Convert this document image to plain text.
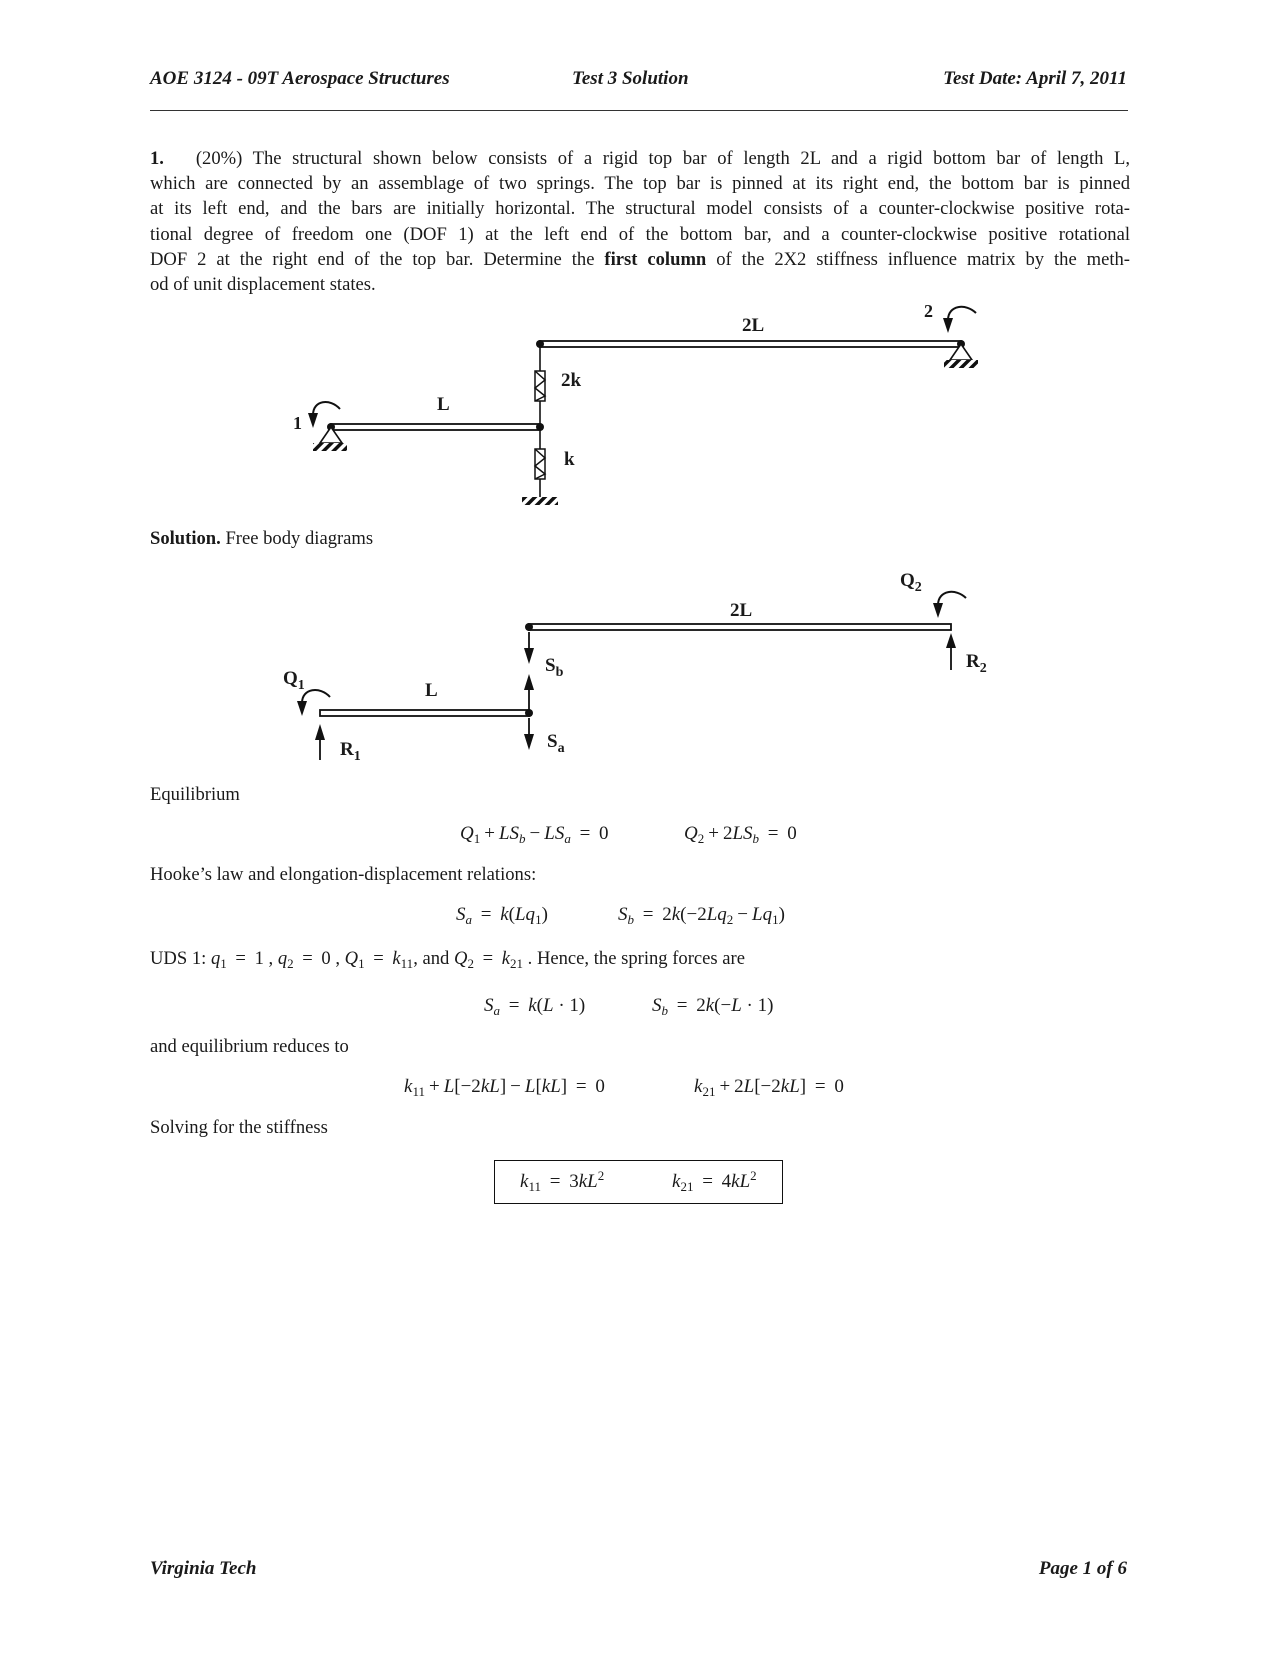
AOE 3124 - 09T Aerospace Structures	Test 3 Solution	Test Date: April 7, 2011
1. (20%) The structural shown below consists of a rigid top bar of length 2L and a rigid bottom bar of length L,
which are connected by an assemblage of two springs. The top bar is pinned at its right end, the bottom bar is pinned
at its left end, and the bars are initially horizontal. The structural model consists of a counter-clockwise positive rota-
tional degree of freedom one (DOF 1) at the left end of the bottom bar, and a counter-clockwise positive rotational
DOF 2 at the right end of the top bar. Determine the first column of the 2X2 stiffness influence matrix by the meth-
od of unit displacement states.
2
2L
2k
L
1
k
Solution. Free body diagrams
2L
$Q_2$
$R_2$
$S_b$
L
$S_a$
$Q_1$
$R_1$
Equilibrium
$Q_1 + LS_b - LS_a = 0$	$Q_2 + 2LS_b = 0$
Hooke’s law and elongation-displacement relations:
$S_a = k(Lq_1)$	$S_b = 2k(-2Lq_2 - Lq_1)$
UDS 1: $q_1 = 1$ , $q_2 = 0$ , $Q_1 = k_{11}$, and $Q_2 = k_{21}$ . Hence, the spring forces are
$S_a = k(L \cdot 1)$	$S_b = 2k(-L \cdot 1)$
and equilibrium reduces to
$k_{11} + L[-2kL] - L[kL] = 0$	$k_{21} + 2L[-2kL] = 0$
Solving for the stiffness
$k_{11} = 3kL^2$	$k_{21} = 4kL^2$
Virginia Tech	Page 1 of 6
